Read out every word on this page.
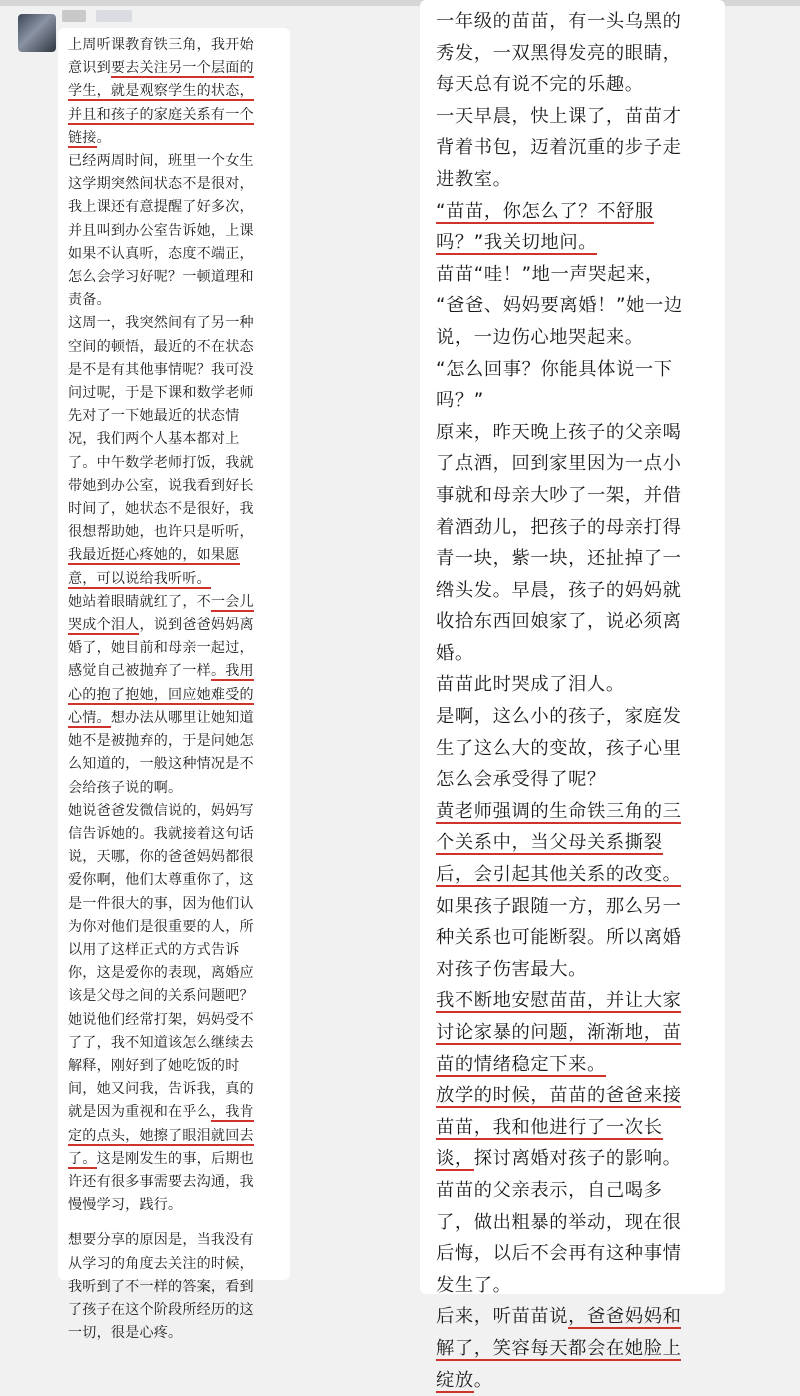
上周听课教育铁三角，我开始
意识到要去关注另一个层面的
学生，就是观察学生的状态，
并且和孩子的家庭关系有一个
链接。
已经两周时间，班里一个女生
这学期突然间状态不是很对，
我上课还有意提醒了好多次，
并且叫到办公室告诉她，上课
如果不认真听，态度不端正，
怎么会学习好呢？一顿道理和
责备。
这周一，我突然间有了另一种
空间的顿悟，最近的不在状态
是不是有其他事情呢？我可没
问过呢，于是下课和数学老师
先对了一下她最近的状态情
况，我们两个人基本都对上
了。中午数学老师打饭，我就
带她到办公室，说我看到好长
时间了，她状态不是很好，我
很想帮助她，也许只是听听，
我最近挺心疼她的，如果愿
意，可以说给我听听。
她站着眼睛就红了，不一会儿
哭成个泪人，说到爸爸妈妈离
婚了，她目前和母亲一起过，
感觉自己被抛弃了一样。我用
心的抱了抱她，回应她难受的
心情。想办法从哪里让她知道
她不是被抛弃的，于是问她怎
么知道的，一般这种情况是不
会给孩子说的啊。
她说爸爸发微信说的，妈妈写
信告诉她的。我就接着这句话
说，天哪，你的爸爸妈妈都很
爱你啊，他们太尊重你了，这
是一件很大的事，因为他们认
为你对他们是很重要的人，所
以用了这样正式的方式告诉
你，这是爱你的表现，离婚应
该是父母之间的关系问题吧？
她说他们经常打架，妈妈受不
了了，我不知道该怎么继续去
解释，刚好到了她吃饭的时
间，她又问我，告诉我，真的
就是因为重视和在乎么，我肯
定的点头，她擦了眼泪就回去
了。这是刚发生的事，后期也
许还有很多事需要去沟通，我
慢慢学习，践行。
想要分享的原因是，当我没有
从学习的角度去关注的时候，
我听到了不一样的答案，看到
了孩子在这个阶段所经历的这
一切，很是心疼。
一年级的苗苗，有一头乌黑的
秀发，一双黑得发亮的眼睛，
每天总有说不完的乐趣。
一天早晨，快上课了，苗苗才
背着书包，迈着沉重的步子走
进教室。
“苗苗，你怎么了？不舒服
吗？”我关切地问。
苗苗“哇！”地一声哭起来，
“爸爸、妈妈要离婚！”她一边
说，一边伤心地哭起来。
“怎么回事？你能具体说一下
吗？”
原来，昨天晚上孩子的父亲喝
了点酒，回到家里因为一点小
事就和母亲大吵了一架，并借
着酒劲儿，把孩子的母亲打得
青一块，紫一块，还扯掉了一
绺头发。早晨，孩子的妈妈就
收拾东西回娘家了，说必须离
婚。
苗苗此时哭成了泪人。
是啊，这么小的孩子，家庭发
生了这么大的变故，孩子心里
怎么会承受得了呢？
黄老师强调的生命铁三角的三
个关系中，当父母关系撕裂
后，会引起其他关系的改变。
如果孩子跟随一方，那么另一
种关系也可能断裂。所以离婚
对孩子伤害最大。
我不断地安慰苗苗，并让大家
讨论家暴的问题，渐渐地，苗
苗的情绪稳定下来。
放学的时候，苗苗的爸爸来接
苗苗，我和他进行了一次长
谈，探讨离婚对孩子的影响。
苗苗的父亲表示，自己喝多
了，做出粗暴的举动，现在很
后悔，以后不会再有这种事情
发生了。
后来，听苗苗说，爸爸妈妈和
解了，笑容每天都会在她脸上
绽放。
